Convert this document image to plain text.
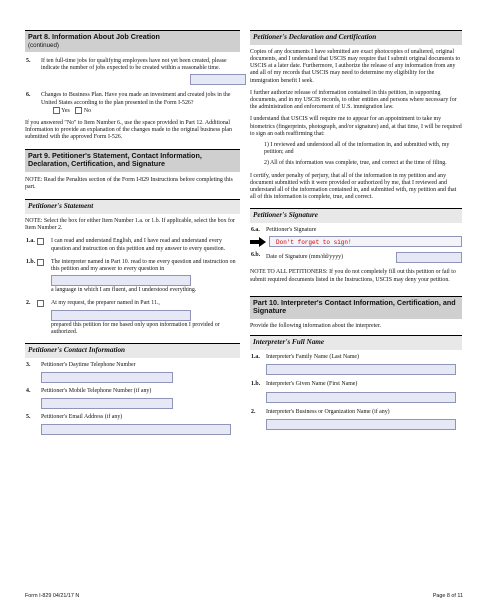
Part 8. Information About Job Creation
(continued)
5. If ten full-time jobs for qualifying employees have not yet been created, please indicate the number of jobs expected to be created within a reasonable time.
6. Changes to Business Plan. Have you made an investment and created jobs in the United States according to the plan presented in the Form I-526?  Yes No
If you answered "No" to Item Number 6., use the space provided in Part 12. Additional Information to provide an explanation of the changes made to the original business plan submitted with the approved Form I-526.
Part 9. Petitioner's Statement, Contact Information, Declaration, Certification, and Signature
NOTE: Read the Penalties section of the Form I-829 Instructions before completing this part.
Petitioner's Statement
NOTE: Select the box for either Item Number 1.a. or 1.b. If applicable, select the box for Item Number 2.
1.a.	I can read and understand English, and I have read and understand every question and instruction on this petition and my answer to every question.
1.b.	The interpreter named in Part 10. read to me every question and instruction on this petition and my answer to every question in
a language in which I am fluent, and I understood everything.
2.	At my request, the preparer named in Part 11.,
prepared this petition for me based only upon information I provided or authorized.
Petitioner's Contact Information
3. Petitioner's Daytime Telephone Number
4. Petitioner's Mobile Telephone Number (if any)
5. Petitioner's Email Address (if any)
Petitioner's Declaration and Certification
Copies of any documents I have submitted are exact photocopies of unaltered, original documents, and I understand that USCIS may require that I submit original documents to USCIS at a later date. Furthermore, I authorize the release of any information from any and all of my records that USCIS may need to determine my eligibility for the immigration benefit I seek.
I further authorize release of information contained in this petition, in supporting documents, and in my USCIS records, to other entities and persons where necessary for the administration and enforcement of U.S. immigration law.
I understand that USCIS will require me to appear for an appointment to take my biometrics (fingerprints, photograph, and/or signature) and, at that time, I will be required to sign an oath reaffirming that:
1) I reviewed and understood all of the information in, and submitted with, my petition; and
2) All of this information was complete, true, and correct at the time of filing.
I certify, under penalty of perjury, that all of the information in my petition and any document submitted with it were provided or authorized by me, that I reviewed and understand all of the information contained in, and submitted with, my petition and that all of this information is complete, true, and correct.
Petitioner's Signature
6.a. Petitioner's Signature
Don't forget to sign!
6.b. Date of Signature (mm/dd/yyyy)
NOTE TO ALL PETITIONERS: If you do not completely fill out this petition or fail to submit required documents listed in the Instructions, USCIS may deny your petition.
Part 10. Interpreter's Contact Information, Certification, and Signature
Provide the following information about the interpreter.
Interpreter's Full Name
1.a. Interpreter's Family Name (Last Name)
1.b. Interpreter's Given Name (First Name)
2. Interpreter's Business or Organization Name (if any)
Form I-829 04/21/17 N	Page 8 of 11
